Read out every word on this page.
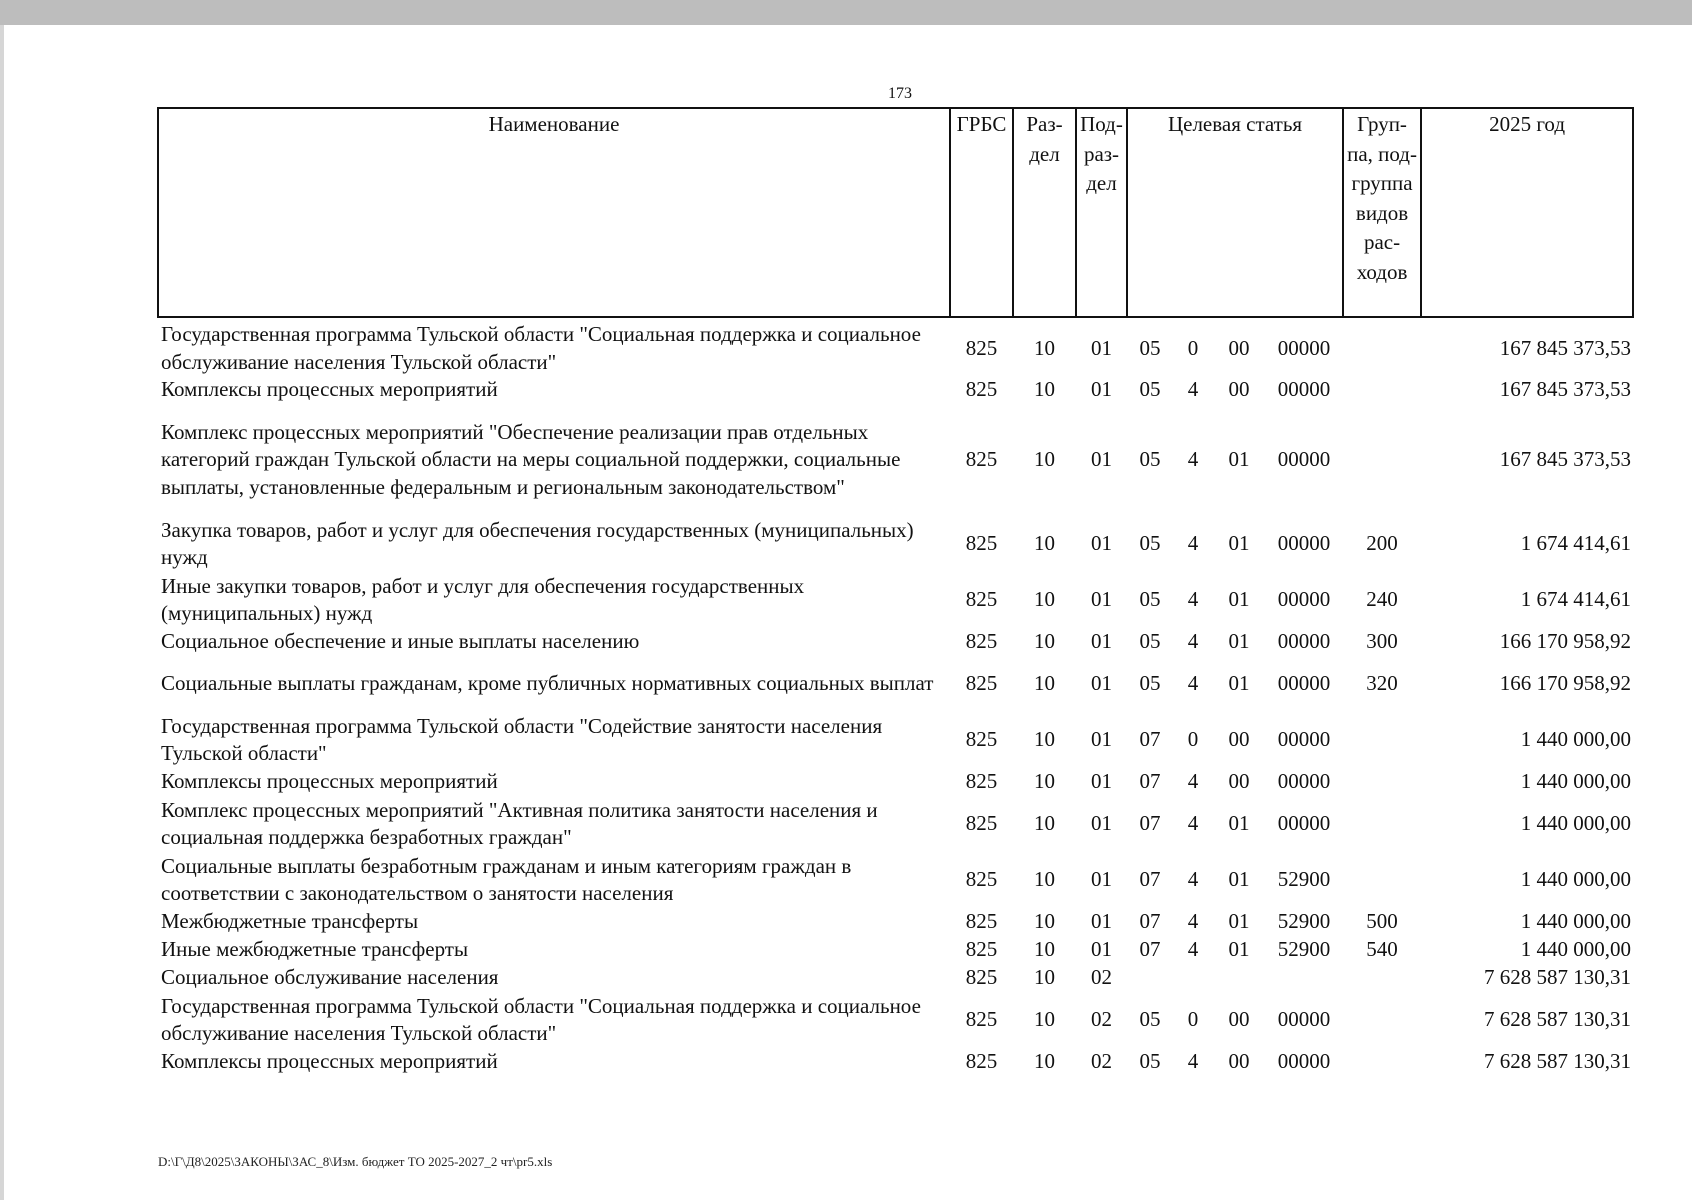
173
Наименование	ГРБС	Раз- дел	Под- раз- дел	Целевая статья				Груп- па, под- группа видов рас- ходов	2025 год

Государственная программа Тульской области "Социальная поддержка и социальное обслуживание населения Тульской области"	825	10	01	05	0	00	00000		167 845 373,53
Комплексы процессных мероприятий	825	10	01	05	4	00	00000		167 845 373,53
Комплекс процессных мероприятий "Обеспечение реализации прав отдельных категорий граждан Тульской области на меры социальной поддержки, социальные выплаты, установленные федеральным и региональным законодательством"	825	10	01	05	4	01	00000		167 845 373,53
Закупка товаров, работ и услуг для обеспечения государственных (муниципальных) нужд	825	10	01	05	4	01	00000	200	1 674 414,61
Иные закупки товаров, работ и услуг для обеспечения государственных (муниципальных) нужд	825	10	01	05	4	01	00000	240	1 674 414,61
Социальное обеспечение и иные выплаты населению	825	10	01	05	4	01	00000	300	166 170 958,92
Социальные выплаты гражданам, кроме публичных нормативных социальных выплат	825	10	01	05	4	01	00000	320	166 170 958,92
Государственная программа Тульской области "Содействие занятости населения Тульской области"	825	10	01	07	0	00	00000		1 440 000,00
Комплексы процессных мероприятий	825	10	01	07	4	00	00000		1 440 000,00
Комплекс процессных мероприятий "Активная политика занятости населения и социальная поддержка безработных граждан"	825	10	01	07	4	01	00000		1 440 000,00
Социальные выплаты безработным гражданам и иным категориям граждан в соответствии с законодательством о занятости населения	825	10	01	07	4	01	52900		1 440 000,00
Межбюджетные трансферты	825	10	01	07	4	01	52900	500	1 440 000,00
Иные межбюджетные трансферты	825	10	01	07	4	01	52900	540	1 440 000,00
Социальное обслуживание населения	825	10	02						7 628 587 130,31
Государственная программа Тульской области "Социальная поддержка и социальное обслуживание населения Тульской области"	825	10	02	05	0	00	00000		7 628 587 130,31
Комплексы процессных мероприятий	825	10	02	05	4	00	00000		7 628 587 130,31
D:\Г\Д8\2025\ЗАКОНЫ\ЗАС_8\Изм. бюджет ТО 2025-2027_2 чт\pr5.xls
